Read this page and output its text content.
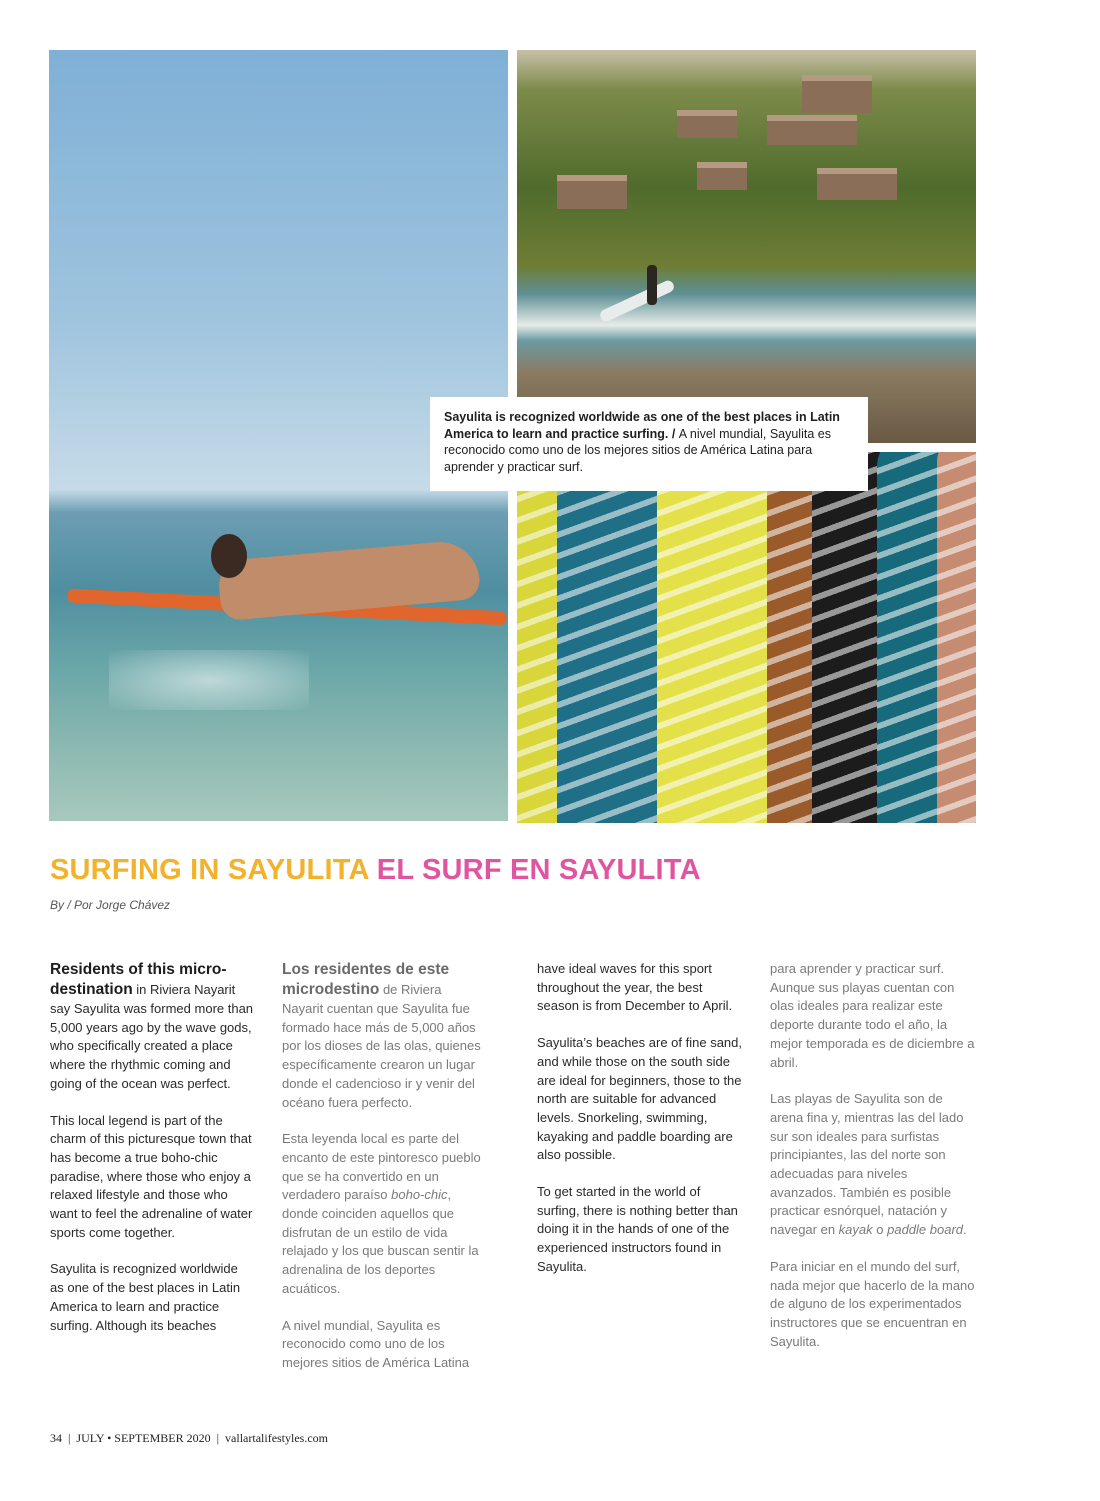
Sayulita is recognized worldwide as one of the best places in Latin America to learn and practice surfing. / A nivel mundial, Sayulita es reconocido como uno de los mejores sitios de América Latina para aprender y practicar surf.
SURFING IN SAYULITA EL SURF EN SAYULITA
By / Por Jorge Chávez

Residents of this micro-destination in Riviera Nayarit say Sayulita was formed more than 5,000 years ago by the wave gods, who specifically created a place where the rhythmic coming and going of the ocean was perfect.

This local legend is part of the charm of this picturesque town that has become a true boho-chic paradise, where those who enjoy a relaxed lifestyle and those who want to feel the adrenaline of water sports come together.

Sayulita is recognized worldwide as one of the best places in Latin America to learn and practice surfing. Although its beaches

Los residentes de este microdestino de Riviera Nayarit cuentan que Sayulita fue formado hace más de 5,000 años por los dioses de las olas, quienes específicamente crearon un lugar donde el cadencioso ir y venir del océano fuera perfecto.

Esta leyenda local es parte del encanto de este pintoresco pueblo que se ha convertido en un verdadero paraíso boho-chic, donde coinciden aquellos que disfrutan de un estilo de vida relajado y los que buscan sentir la adrenalina de los deportes acuáticos.

A nivel mundial, Sayulita es reconocido como uno de los mejores sitios de América Latina

have ideal waves for this sport throughout the year, the best season is from December to April.

Sayulita’s beaches are of fine sand, and while those on the south side are ideal for beginners, those to the north are suitable for advanced levels. Snorkeling, swimming, kayaking and paddle boarding are also possible.

To get started in the world of surfing, there is nothing better than doing it in the hands of one of the experienced instructors found in Sayulita.

para aprender y practicar surf. Aunque sus playas cuentan con olas ideales para realizar este deporte durante todo el año, la mejor temporada es de diciembre a abril.

Las playas de Sayulita son de arena fina y, mientras las del lado sur son ideales para surfistas principiantes, las del norte son adecuadas para niveles avanzados. También es posible practicar esnórquel, natación y navegar en kayak o paddle board.

Para iniciar en el mundo del surf, nada mejor que hacerlo de la mano de alguno de los experimentados instructores que se encuentran en Sayulita.

34 | JULY • SEPTEMBER 2020 | vallartalifestyles.com
